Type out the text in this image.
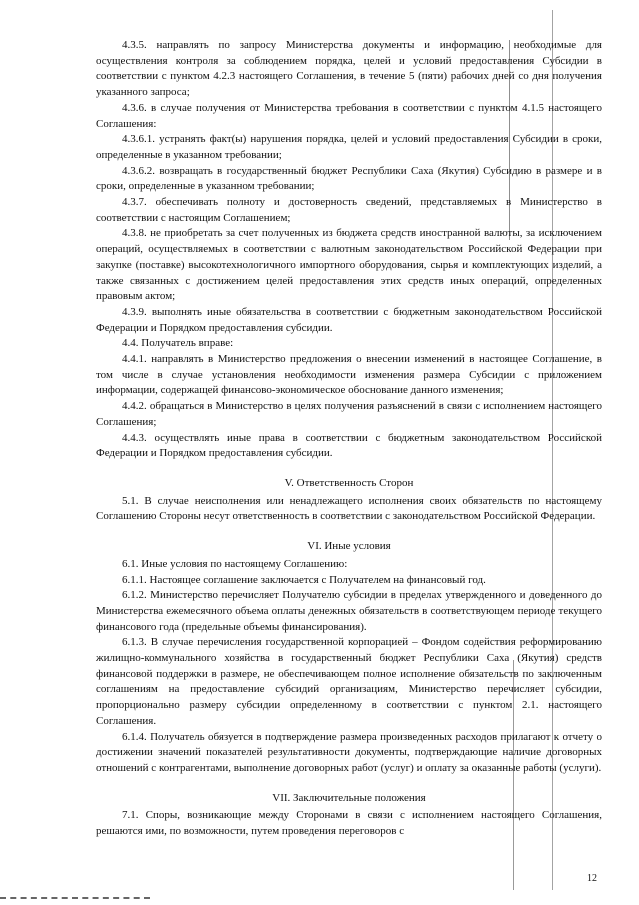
4.3.5. направлять по запросу Министерства документы и информацию, необходимые для осуществления контроля за соблюдением порядка, целей и условий предоставления Субсидии в соответствии с пунктом 4.2.3 настоящего Соглашения, в течение 5 (пяти) рабочих дней со дня получения указанного запроса;

4.3.6. в случае получения от Министерства требования в соответствии с пунктом 4.1.5 настоящего Соглашения:

4.3.6.1. устранять факт(ы) нарушения порядка, целей и условий предоставления Субсидии в сроки, определенные в указанном требовании;

4.3.6.2. возвращать в государственный бюджет Республики Саха (Якутия) Субсидию в размере и в сроки, определенные в указанном требовании;

4.3.7. обеспечивать полноту и достоверность сведений, представляемых в Министерство в соответствии с настоящим Соглашением;

4.3.8. не приобретать за счет полученных из бюджета средств иностранной валюты, за исключением операций, осуществляемых в соответствии с валютным законодательством Российской Федерации при закупке (поставке) высокотехнологичного импортного оборудования, сырья и комплектующих изделий, а также связанных с достижением целей предоставления этих средств иных операций, определенных правовым актом;

4.3.9. выполнять иные обязательства в соответствии с бюджетным законодательством Российской Федерации и Порядком предоставления субсидии.

4.4. Получатель вправе:

4.4.1. направлять в Министерство предложения о внесении изменений в настоящее Соглашение, в том числе в случае установления необходимости изменения размера Субсидии с приложением информации, содержащей финансово-экономическое обоснование данного изменения;

4.4.2. обращаться в Министерство в целях получения разъяснений в связи с исполнением настоящего Соглашения;

4.4.3. осуществлять иные права в соответствии с бюджетным законодательством Российской Федерации и Порядком предоставления субсидии.

V. Ответственность Сторон

5.1. В случае неисполнения или ненадлежащего исполнения своих обязательств по настоящему Соглашению Стороны несут ответственность в соответствии с законодательством Российской Федерации.

VI. Иные условия

6.1. Иные условия по настоящему Соглашению:

6.1.1. Настоящее соглашение заключается с Получателем на финансовый год.

6.1.2. Министерство перечисляет Получателю субсидии в пределах утвержденного и доведенного до Министерства ежемесячного объема оплаты денежных обязательств в соответствующем периоде текущего финансового года (предельные объемы финансирования).

6.1.3. В случае перечисления государственной корпорацией – Фондом содействия реформированию жилищно-коммунального хозяйства в государственный бюджет Республики Саха (Якутия) средств финансовой поддержки в размере, не обеспечивающем полное исполнение обязательств по заключенным соглашениям на предоставление субсидий организациям, Министерство перечисляет субсидии, пропорционально размеру субсидии определенному в соответствии с пунктом 2.1. настоящего Соглашения.

6.1.4. Получатель обязуется в подтверждение размера произведенных расходов прилагают к отчету о достижении значений показателей результативности документы, подтверждающие наличие договорных отношений с контрагентами, выполнение договорных работ (услуг) и оплату за оказанные работы (услуги).

VII. Заключительные положения

7.1. Споры, возникающие между Сторонами в связи с исполнением настоящего Соглашения, решаются ими, по возможности, путем проведения переговоров с

12
